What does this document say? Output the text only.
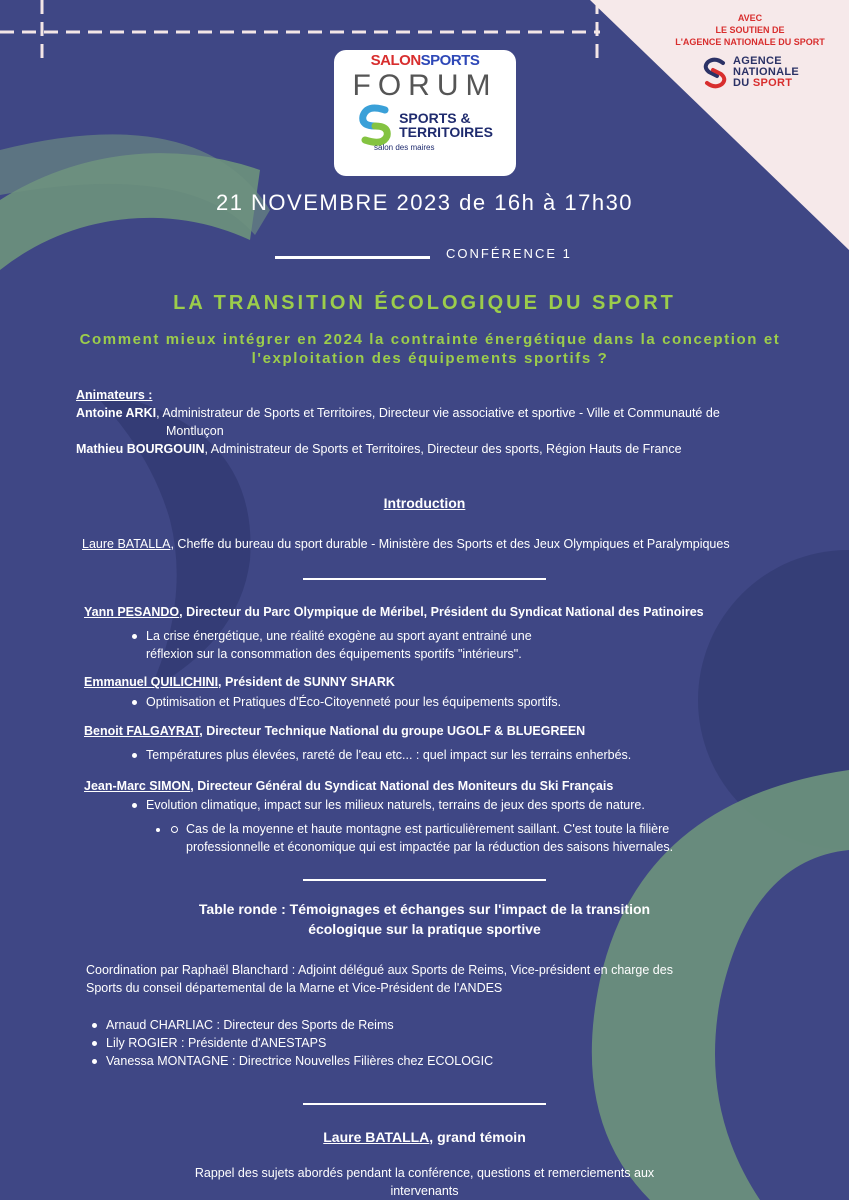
AVEC
LE SOUTIEN DE
L'AGENCE NATIONALE DU SPORT
AGENCE
NATIONALE
DU SPORT
SALONSPORTS
FORUM
SPORTS &
TERRITOIRES
salon des maires
21 NOVEMBRE 2023 de 16h à 17h30
CONFÉRENCE 1
LA TRANSITION ÉCOLOGIQUE DU SPORT
Comment mieux intégrer en 2024 la contrainte énergétique dans la conception et l'exploitation des équipements sportifs ?
Animateurs :
Antoine ARKI, Administrateur de Sports et Territoires, Directeur vie associative et sportive - Ville et Communauté de
Montluçon
Mathieu BOURGOUIN, Administrateur de Sports et Territoires, Directeur des sports, Région Hauts de France
Introduction
Laure BATALLA, Cheffe du bureau du sport durable - Ministère des Sports et des Jeux Olympiques et Paralympiques
Yann PESANDO, Directeur du Parc Olympique de Méribel, Président du Syndicat National des Patinoires
La crise énergétique, une réalité exogène au sport ayant entrainé une
réflexion sur la consommation des équipements sportifs "intérieurs".
Emmanuel QUILICHINI, Président de SUNNY SHARK
Optimisation et Pratiques d'Éco-Citoyenneté pour les équipements sportifs.
Benoit FALGAYRAT, Directeur Technique National du groupe UGOLF & BLUEGREEN
Températures plus élevées, rareté de l'eau etc... : quel impact sur les terrains enherbés.
Jean-Marc SIMON, Directeur Général du Syndicat National des Moniteurs du Ski Français
Evolution climatique, impact sur les milieux naturels, terrains de jeux des sports de nature.
• Cas de la moyenne et haute montagne est particulièrement saillant. C'est toute la filière
professionnelle et économique qui est impactée par la réduction des saisons hivernales.
Table ronde : Témoignages et échanges sur l'impact de la transition
écologique sur la pratique sportive
Coordination par Raphaël Blanchard : Adjoint délégué aux Sports de Reims, Vice-président en charge des
Sports du conseil départemental de la Marne et Vice-Président de l'ANDES
Arnaud CHARLIAC : Directeur des Sports de Reims
Lily ROGIER : Présidente d'ANESTAPS
Vanessa MONTAGNE : Directrice Nouvelles Filières chez ECOLOGIC
Laure BATALLA, grand témoin
Rappel des sujets abordés pendant la conférence, questions et remerciements aux
intervenants
